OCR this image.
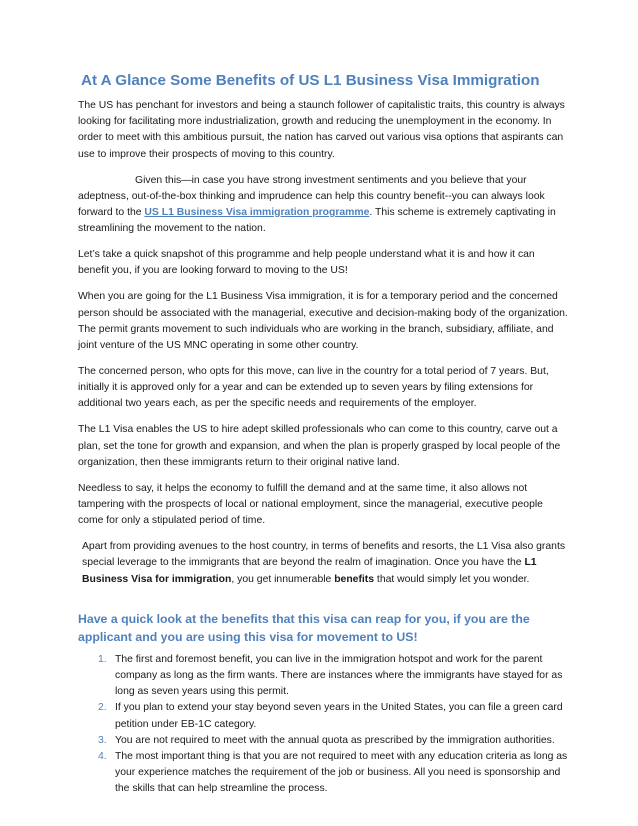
At A Glance Some Benefits of US L1 Business Visa Immigration

The US has penchant for investors and being a staunch follower of capitalistic traits, this country is always looking for facilitating more industrialization, growth and reducing the unemployment in the economy. In order to meet with this ambitious pursuit, the nation has carved out various visa options that aspirants can use to improve their prospects of moving to this country.

Given this—in case you have strong investment sentiments and you believe that your adeptness, out-of-the-box thinking and imprudence can help this country benefit--you can always look forward to the US L1 Business Visa immigration programme. This scheme is extremely captivating in streamlining the movement to the nation.

Let’s take a quick snapshot of this programme and help people understand what it is and how it can benefit you, if you are looking forward to moving to the US!

When you are going for the L1 Business Visa immigration, it is for a temporary period and the concerned person should be associated with the managerial, executive and decision-making body of the organization. The permit grants movement to such individuals who are working in the branch, subsidiary, affiliate, and joint venture of the US MNC operating in some other country.

The concerned person, who opts for this move, can live in the country for a total period of 7 years. But, initially it is approved only for a year and can be extended up to seven years by filing extensions for additional two years each, as per the specific needs and requirements of the employer.

The L1 Visa enables the US to hire adept skilled professionals who can come to this country, carve out a plan, set the tone for growth and expansion, and when the plan is properly grasped by local people of the organization, then these immigrants return to their original native land.

Needless to say, it helps the economy to fulfill the demand and at the same time, it also allows not tampering with the prospects of local or national employment, since the managerial, executive people come for only a stipulated period of time.

Apart from providing avenues to the host country, in terms of benefits and resorts, the L1 Visa also grants special leverage to the immigrants that are beyond the realm of imagination. Once you have the L1 Business Visa for immigration, you get innumerable benefits that would simply let you wonder.

Have a quick look at the benefits that this visa can reap for you, if you are the applicant and you are using this visa for movement to US!
1. The first and foremost benefit, you can live in the immigration hotspot and work for the parent company as long as the firm wants. There are instances where the immigrants have stayed for as long as seven years using this permit.
2. If you plan to extend your stay beyond seven years in the United States, you can file a green card petition under EB-1C category.
3. You are not required to meet with the annual quota as prescribed by the immigration authorities.
4. The most important thing is that you are not required to meet with any education criteria as long as your experience matches the requirement of the job or business. All you need is sponsorship and the skills that can help streamline the process.
